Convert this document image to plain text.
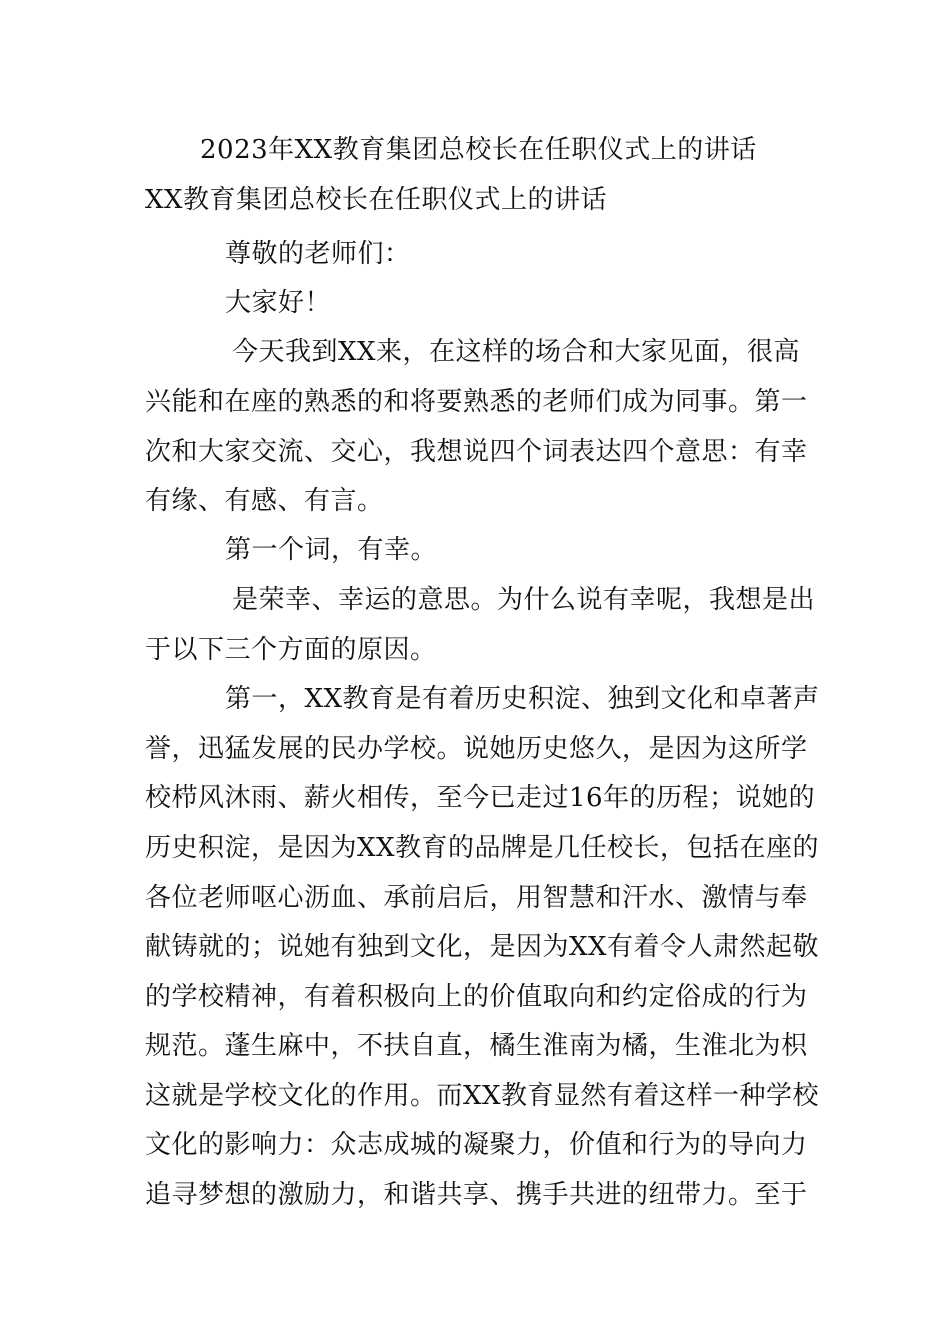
2023年XX教育集团总校长在任职仪式上的讲话
XX教育集团总校长在任职仪式上的讲话
尊敬的老师们：
大家好！
今天我到XX来，在这样的场合和大家见面，很高
兴能和在座的熟悉的和将要熟悉的老师们成为同事。第一
次和大家交流、交心，我想说四个词表达四个意思：有幸
有缘、有感、有言。
第一个词，有幸。
是荣幸、幸运的意思。为什么说有幸呢，我想是出
于以下三个方面的原因。
第一，XX教育是有着历史积淀、独到文化和卓著声
誉，迅猛发展的民办学校。说她历史悠久，是因为这所学
校栉风沐雨、薪火相传，至今已走过16年的历程；说她的
历史积淀，是因为XX教育的品牌是几任校长，包括在座的
各位老师呕心沥血、承前启后，用智慧和汗水、激情与奉
献铸就的；说她有独到文化，是因为XX有着令人肃然起敬
的学校精神，有着积极向上的价值取向和约定俗成的行为
规范。蓬生麻中，不扶自直，橘生淮南为橘，生淮北为枳
这就是学校文化的作用。而XX教育显然有着这样一种学校
文化的影响力：众志成城的凝聚力，价值和行为的导向力
追寻梦想的激励力，和谐共享、携手共进的纽带力。至于
